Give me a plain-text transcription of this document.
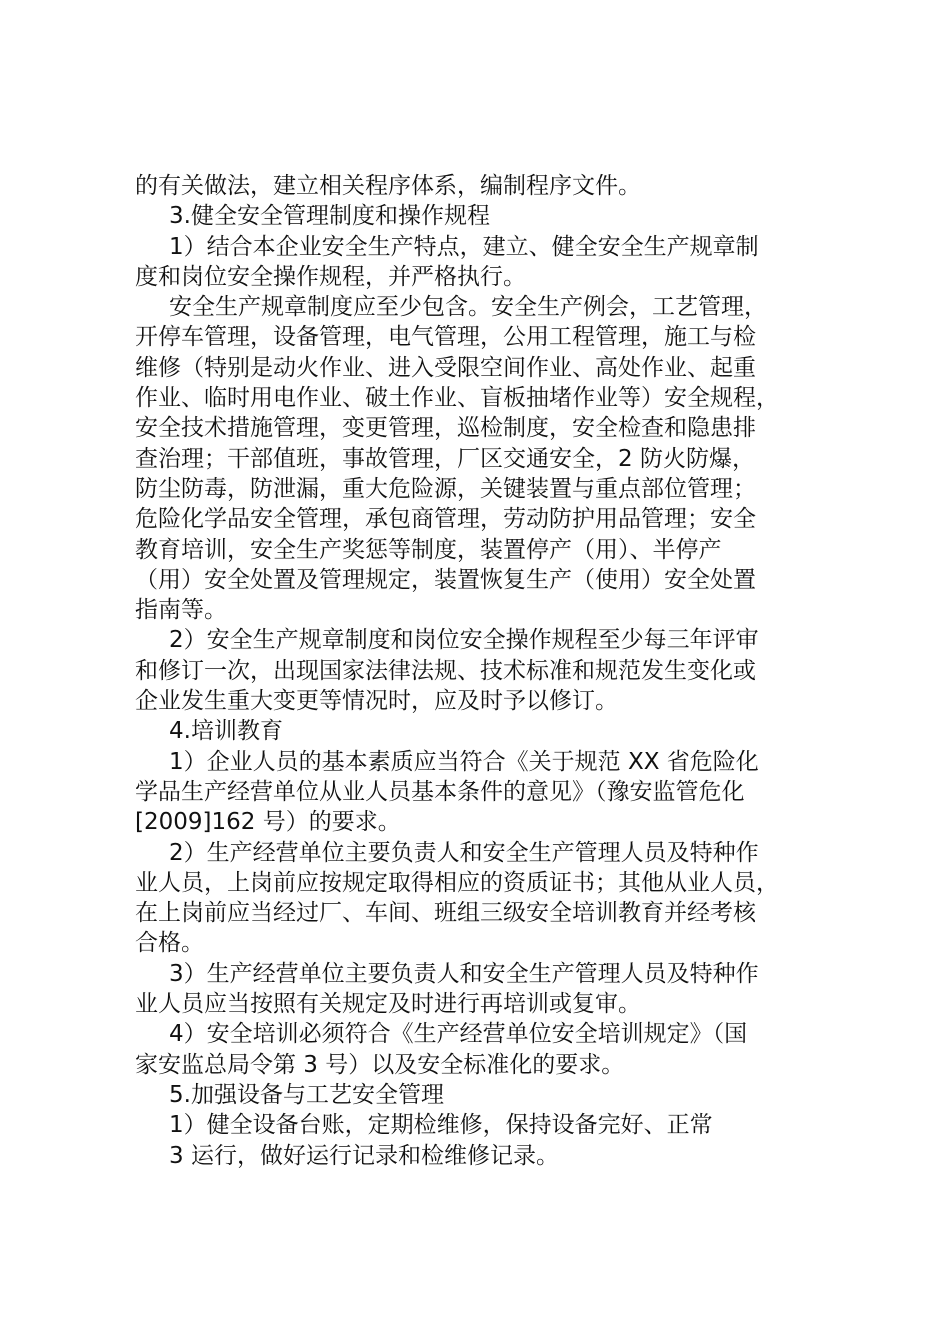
的有关做法，建立相关程序体系，编制程序文件。
3.健全安全管理制度和操作规程
1）结合本企业安全生产特点，建立、健全安全生产规章制
度和岗位安全操作规程，并严格执行。
安全生产规章制度应至少包含。安全生产例会，工艺管理，
开停车管理，设备管理，电气管理，公用工程管理，施工与检
维修（特别是动火作业、进入受限空间作业、高处作业、起重
作业、临时用电作业、破土作业、盲板抽堵作业等）安全规程，
安全技术措施管理，变更管理，巡检制度，安全检查和隐患排
查治理；干部值班，事故管理，厂区交通安全，2 防火防爆，
防尘防毒，防泄漏，重大危险源，关键装置与重点部位管理；
危险化学品安全管理，承包商管理，劳动防护用品管理；安全
教育培训，安全生产奖惩等制度，装置停产（用）、半停产
（用）安全处置及管理规定，装置恢复生产（使用）安全处置
指南等。
2）安全生产规章制度和岗位安全操作规程至少每三年评审
和修订一次，出现国家法律法规、技术标准和规范发生变化或
企业发生重大变更等情况时，应及时予以修订。
4.培训教育
1）企业人员的基本素质应当符合《关于规范 XX 省危险化
学品生产经营单位从业人员基本条件的意见》（豫安监管危化
[2009]162 号）的要求。
2）生产经营单位主要负责人和安全生产管理人员及特种作
业人员，上岗前应按规定取得相应的资质证书；其他从业人员，
在上岗前应当经过厂、车间、班组三级安全培训教育并经考核
合格。
3）生产经营单位主要负责人和安全生产管理人员及特种作
业人员应当按照有关规定及时进行再培训或复审。
4）安全培训必须符合《生产经营单位安全培训规定》（国
家安监总局令第 3 号）以及安全标准化的要求。
5.加强设备与工艺安全管理
1）健全设备台账，定期检维修，保持设备完好、正常
3 运行，做好运行记录和检维修记录。
